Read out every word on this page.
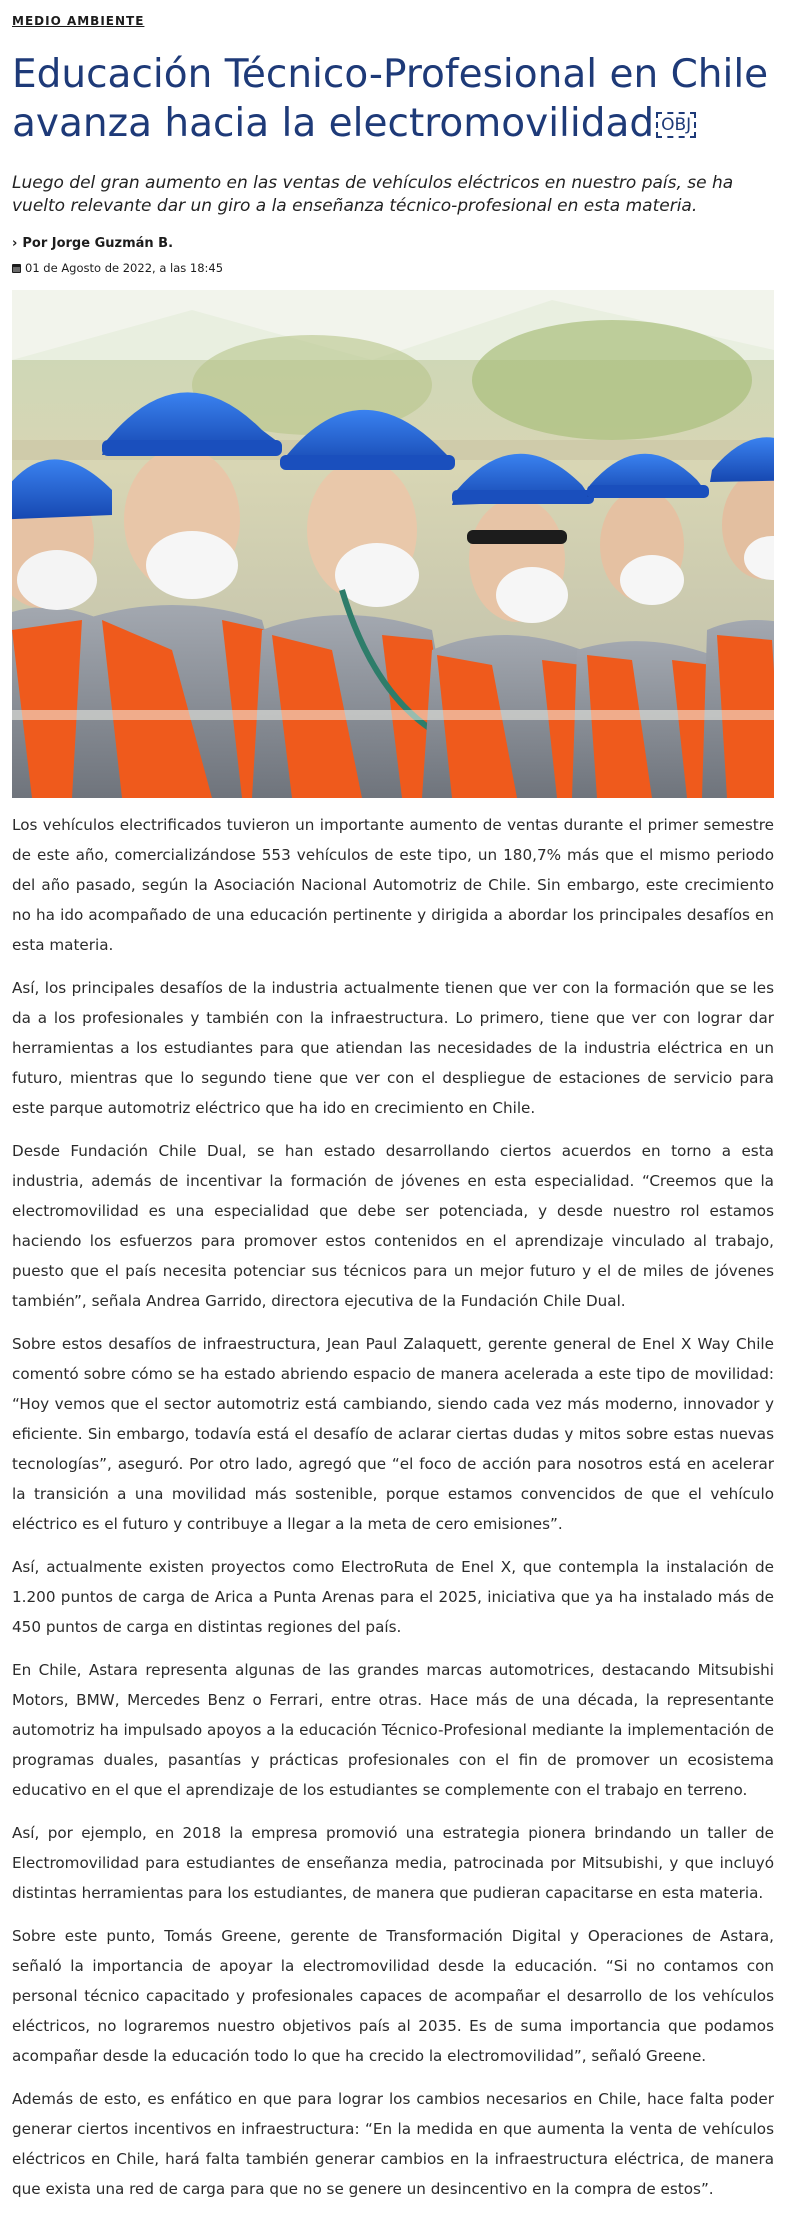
MEDIO AMBIENTE
Educación Técnico-Profesional en Chile avanza hacia la electromovilidad OBJ

Luego del gran aumento en las ventas de vehículos eléctricos en nuestro país, se ha vuelto relevante dar un giro a la enseñanza técnico-profesional en esta materia.

› Por Jorge Guzmán B.
01 de Agosto de 2022, a las 18:45

Los vehículos electrificados tuvieron un importante aumento de ventas durante el primer semestre de este año, comercializándose 553 vehículos de este tipo, un 180,7% más que el mismo periodo del año pasado, según la Asociación Nacional Automotriz de Chile. Sin embargo, este crecimiento no ha ido acompañado de una educación pertinente y dirigida a abordar los principales desafíos en esta materia.

Así, los principales desafíos de la industria actualmente tienen que ver con la formación que se les da a los profesionales y también con la infraestructura. Lo primero, tiene que ver con lograr dar herramientas a los estudiantes para que atiendan las necesidades de la industria eléctrica en un futuro, mientras que lo segundo tiene que ver con el despliegue de estaciones de servicio para este parque automotriz eléctrico que ha ido en crecimiento en Chile.

Desde Fundación Chile Dual, se han estado desarrollando ciertos acuerdos en torno a esta industria, además de incentivar la formación de jóvenes en esta especialidad. “Creemos que la electromovilidad es una especialidad que debe ser potenciada, y desde nuestro rol estamos haciendo los esfuerzos para promover estos contenidos en el aprendizaje vinculado al trabajo, puesto que el país necesita potenciar sus técnicos para un mejor futuro y el de miles de jóvenes también”, señala Andrea Garrido, directora ejecutiva de la Fundación Chile Dual.

Sobre estos desafíos de infraestructura, Jean Paul Zalaquett, gerente general de Enel X Way Chile comentó sobre cómo se ha estado abriendo espacio de manera acelerada a este tipo de movilidad: “Hoy vemos que el sector automotriz está cambiando, siendo cada vez más moderno, innovador y eficiente. Sin embargo, todavía está el desafío de aclarar ciertas dudas y mitos sobre estas nuevas tecnologías”, aseguró. Por otro lado, agregó que “el foco de acción para nosotros está en acelerar la transición a una movilidad más sostenible, porque estamos convencidos de que el vehículo eléctrico es el futuro y contribuye a llegar a la meta de cero emisiones”.

Así, actualmente existen proyectos como ElectroRuta de Enel X, que contempla la instalación de 1.200 puntos de carga de Arica a Punta Arenas para el 2025, iniciativa que ya ha instalado más de 450 puntos de carga en distintas regiones del país.

En Chile, Astara representa algunas de las grandes marcas automotrices, destacando Mitsubishi Motors, BMW, Mercedes Benz o Ferrari, entre otras. Hace más de una década, la representante automotriz ha impulsado apoyos a la educación Técnico-Profesional mediante la implementación de programas duales, pasantías y prácticas profesionales con el fin de promover un ecosistema educativo en el que el aprendizaje de los estudiantes se complemente con el trabajo en terreno.

Así, por ejemplo, en 2018 la empresa promovió una estrategia pionera brindando un taller de Electromovilidad para estudiantes de enseñanza media, patrocinada por Mitsubishi, y que incluyó distintas herramientas para los estudiantes, de manera que pudieran capacitarse en esta materia.

Sobre este punto, Tomás Greene, gerente de Transformación Digital y Operaciones de Astara, señaló la importancia de apoyar la electromovilidad desde la educación. “Si no contamos con personal técnico capacitado y profesionales capaces de acompañar el desarrollo de los vehículos eléctricos, no lograremos nuestro objetivos país al 2035. Es de suma importancia que podamos acompañar desde la educación todo lo que ha crecido la electromovilidad”, señaló Greene.

Además de esto, es enfático en que para lograr los cambios necesarios en Chile, hace falta poder generar ciertos incentivos en infraestructura: “En la medida en que aumenta la venta de vehículos eléctricos en Chile, hará falta también generar cambios en la infraestructura eléctrica, de manera que exista una red de carga para que no se genere un desincentivo en la compra de estos”.
